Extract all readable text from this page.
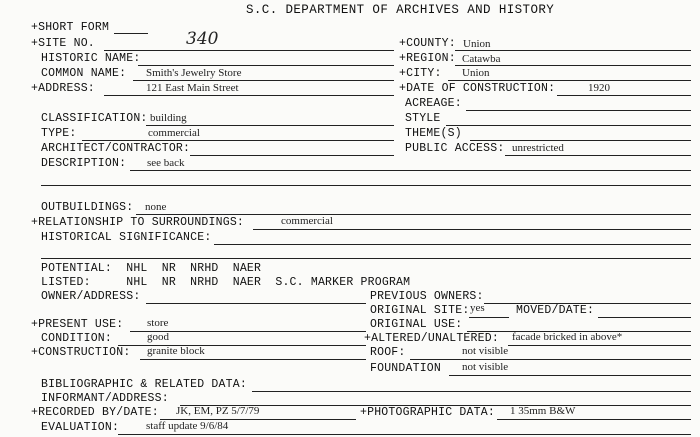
S.C. DEPARTMENT OF ARCHIVES AND HISTORY
+SHORT FORM
+SITE NO.	340	+COUNTY: Union
HISTORIC NAME:	+REGION: Catawba
COMMON NAME: Smith's Jewelry Store	+CITY: Union
+ADDRESS:	121 East Main Street	+DATE OF CONSTRUCTION:	1920
ACREAGE:
CLASSIFICATION: building	STYLE
TYPE:	commercial	THEME(S)
ARCHITECT/CONTRACTOR:	PUBLIC ACCESS: unrestricted
DESCRIPTION: see back
OUTBUILDINGS: none
+RELATIONSHIP TO SURROUNDINGS:	commercial
HISTORICAL SIGNIFICANCE:
POTENTIAL:  NHL  NR  NRHD  NAER
LISTED:     NHL  NR  NRHD  NAER  S.C. MARKER PROGRAM
OWNER/ADDRESS:	PREVIOUS OWNERS:
ORIGINAL SITE: yes	MOVED/DATE:
+PRESENT USE: store	ORIGINAL USE:
CONDITION:	good	+ALTERED/UNALTERED: facade bricked in above*
+CONSTRUCTION: granite block	ROOF:	not visible
FOUNDATION not visible
BIBLIOGRAPHIC & RELATED DATA:
INFORMANT/ADDRESS:
+RECORDED BY/DATE: JK, EM, PZ 5/7/79	+PHOTOGRAPHIC DATA: 1 35mm B&W
EVALUATION: staff update 9/6/84
